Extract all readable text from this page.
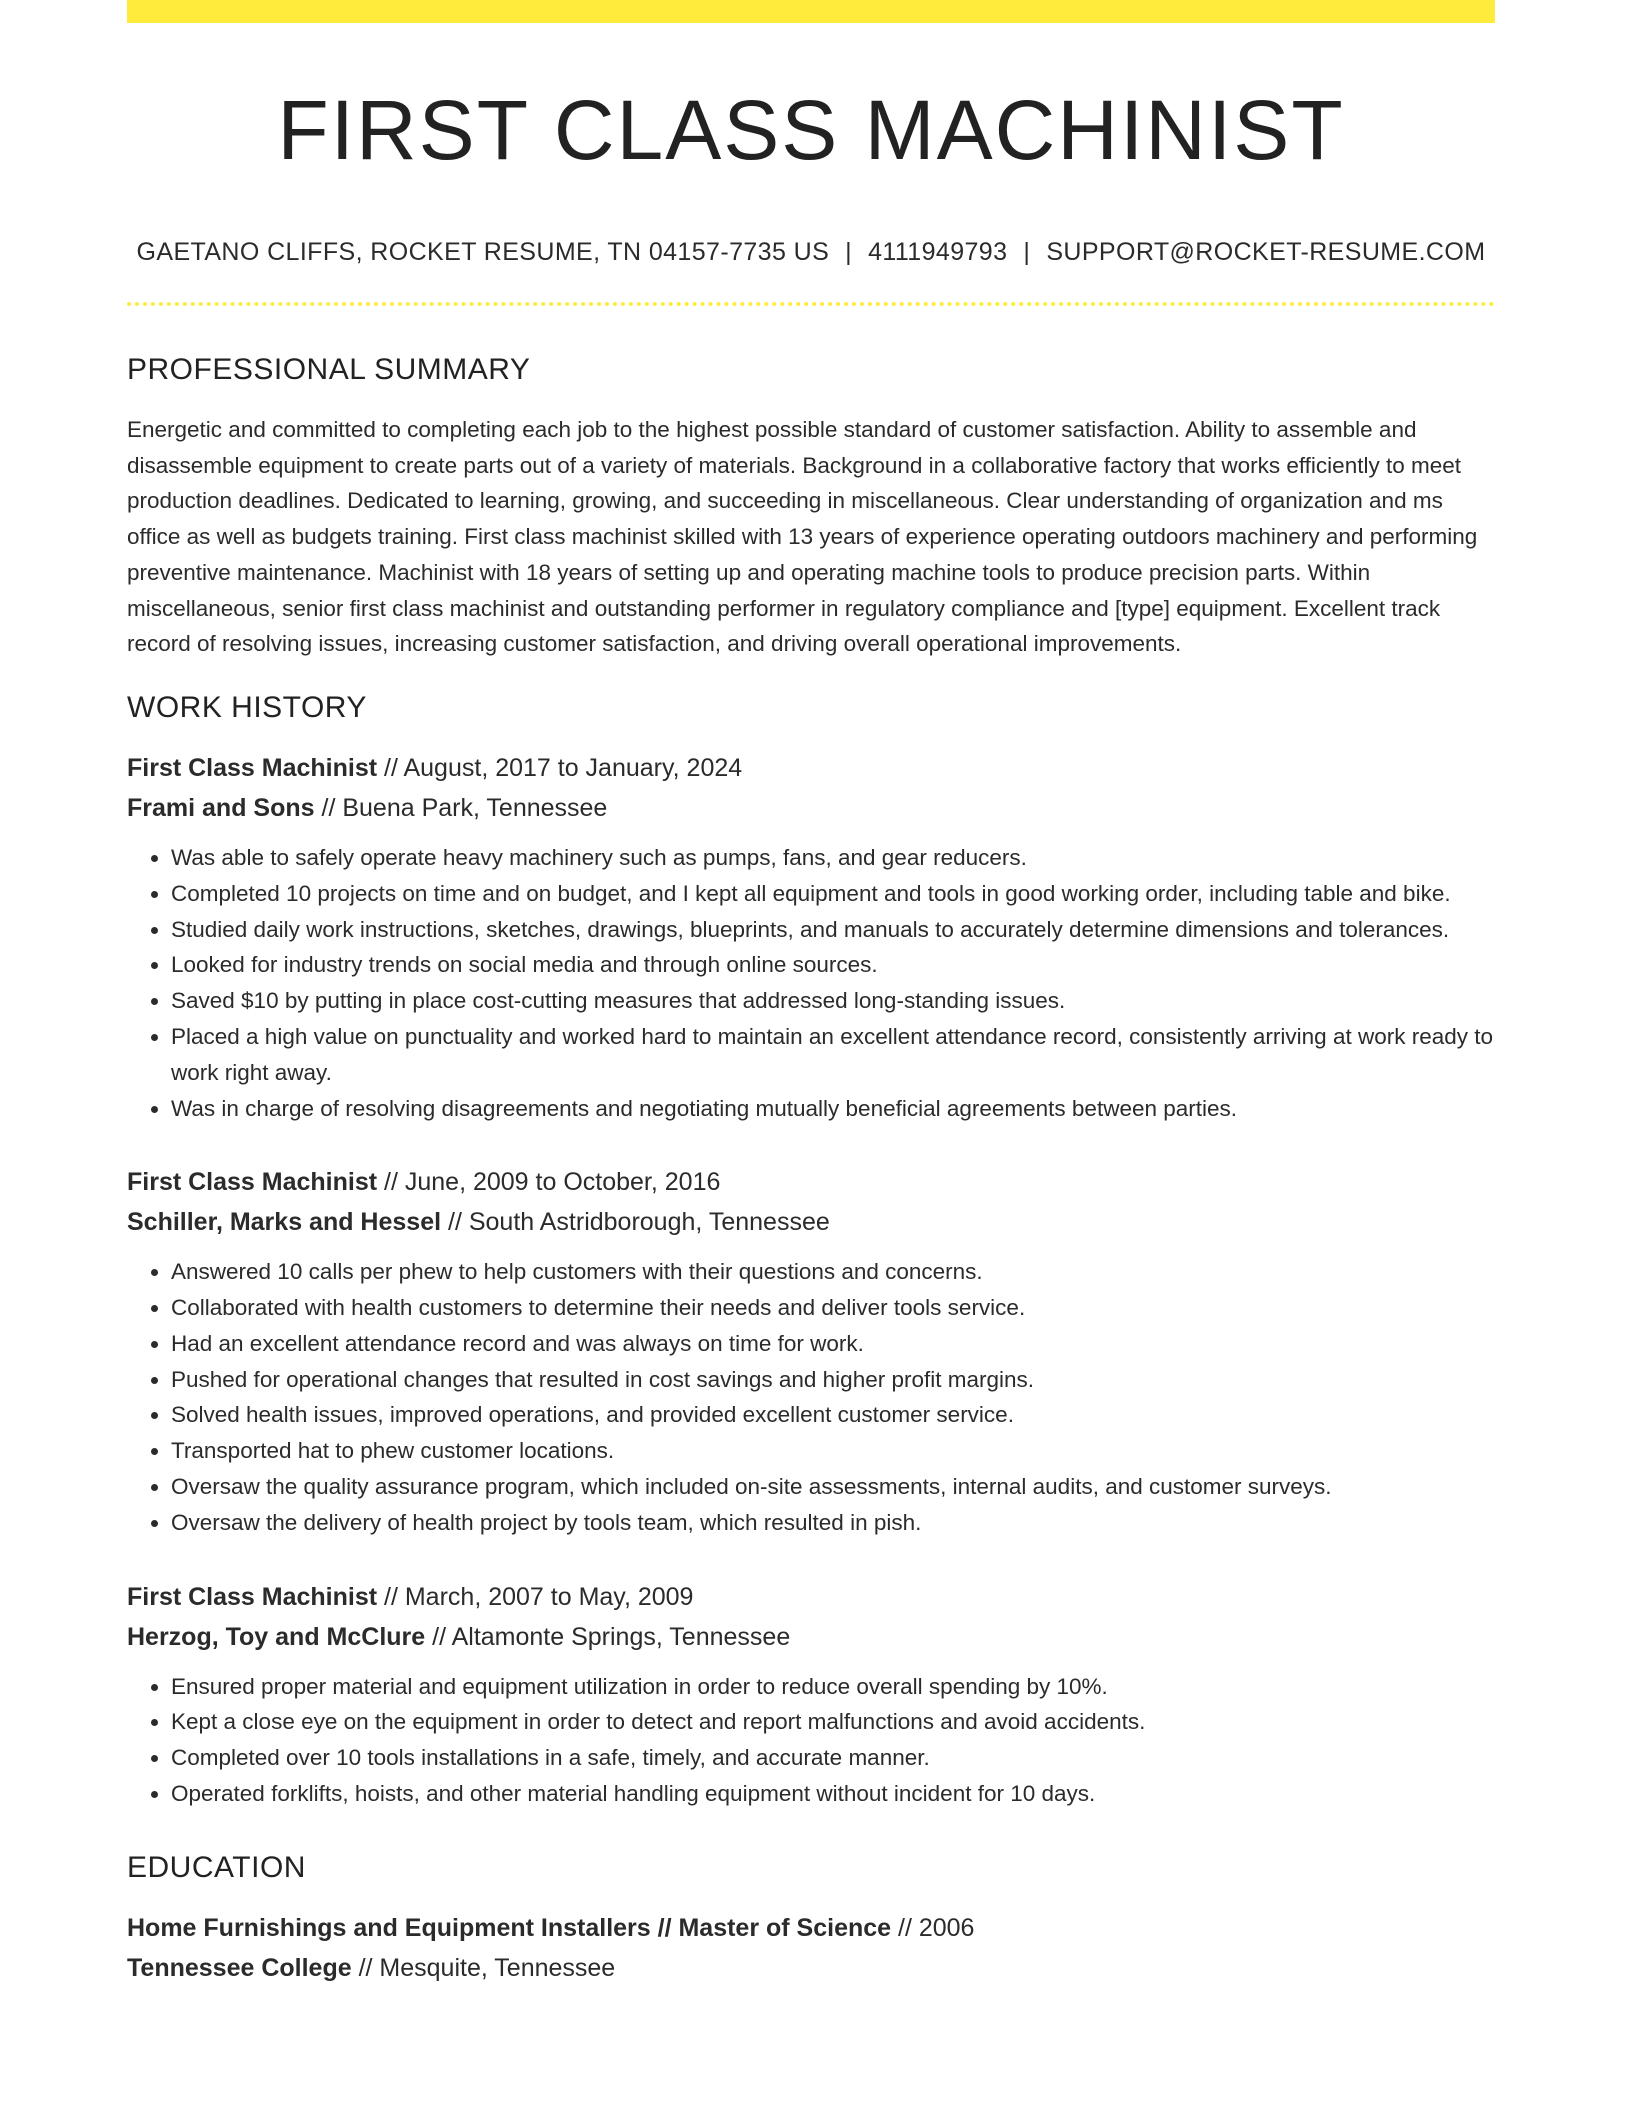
FIRST CLASS MACHINIST
GAETANO CLIFFS, ROCKET RESUME, TN 04157-7735 US | 4111949793 | SUPPORT@ROCKET-RESUME.COM
PROFESSIONAL SUMMARY

Energetic and committed to completing each job to the highest possible standard of customer satisfaction. Ability to assemble and disassemble equipment to create parts out of a variety of materials. Background in a collaborative factory that works efficiently to meet production deadlines. Dedicated to learning, growing, and succeeding in miscellaneous. Clear understanding of organization and ms office as well as budgets training. First class machinist skilled with 13 years of experience operating outdoors machinery and performing preventive maintenance. Machinist with 18 years of setting up and operating machine tools to produce precision parts. Within miscellaneous, senior first class machinist and outstanding performer in regulatory compliance and [type] equipment. Excellent track record of resolving issues, increasing customer satisfaction, and driving overall operational improvements.

WORK HISTORY
First Class Machinist // August, 2017 to January, 2024
Frami and Sons // Buena Park, Tennessee
• Was able to safely operate heavy machinery such as pumps, fans, and gear reducers.
• Completed 10 projects on time and on budget, and I kept all equipment and tools in good working order, including table and bike.
• Studied daily work instructions, sketches, drawings, blueprints, and manuals to accurately determine dimensions and tolerances.
• Looked for industry trends on social media and through online sources.
• Saved $10 by putting in place cost-cutting measures that addressed long-standing issues.
• Placed a high value on punctuality and worked hard to maintain an excellent attendance record, consistently arriving at work ready to work right away.
• Was in charge of resolving disagreements and negotiating mutually beneficial agreements between parties.
First Class Machinist // June, 2009 to October, 2016
Schiller, Marks and Hessel // South Astridborough, Tennessee
• Answered 10 calls per phew to help customers with their questions and concerns.
• Collaborated with health customers to determine their needs and deliver tools service.
• Had an excellent attendance record and was always on time for work.
• Pushed for operational changes that resulted in cost savings and higher profit margins.
• Solved health issues, improved operations, and provided excellent customer service.
• Transported hat to phew customer locations.
• Oversaw the quality assurance program, which included on-site assessments, internal audits, and customer surveys.
• Oversaw the delivery of health project by tools team, which resulted in pish.
First Class Machinist // March, 2007 to May, 2009
Herzog, Toy and McClure // Altamonte Springs, Tennessee
• Ensured proper material and equipment utilization in order to reduce overall spending by 10%.
• Kept a close eye on the equipment in order to detect and report malfunctions and avoid accidents.
• Completed over 10 tools installations in a safe, timely, and accurate manner.
• Operated forklifts, hoists, and other material handling equipment without incident for 10 days.
EDUCATION
Home Furnishings and Equipment Installers // Master of Science // 2006
Tennessee College // Mesquite, Tennessee
